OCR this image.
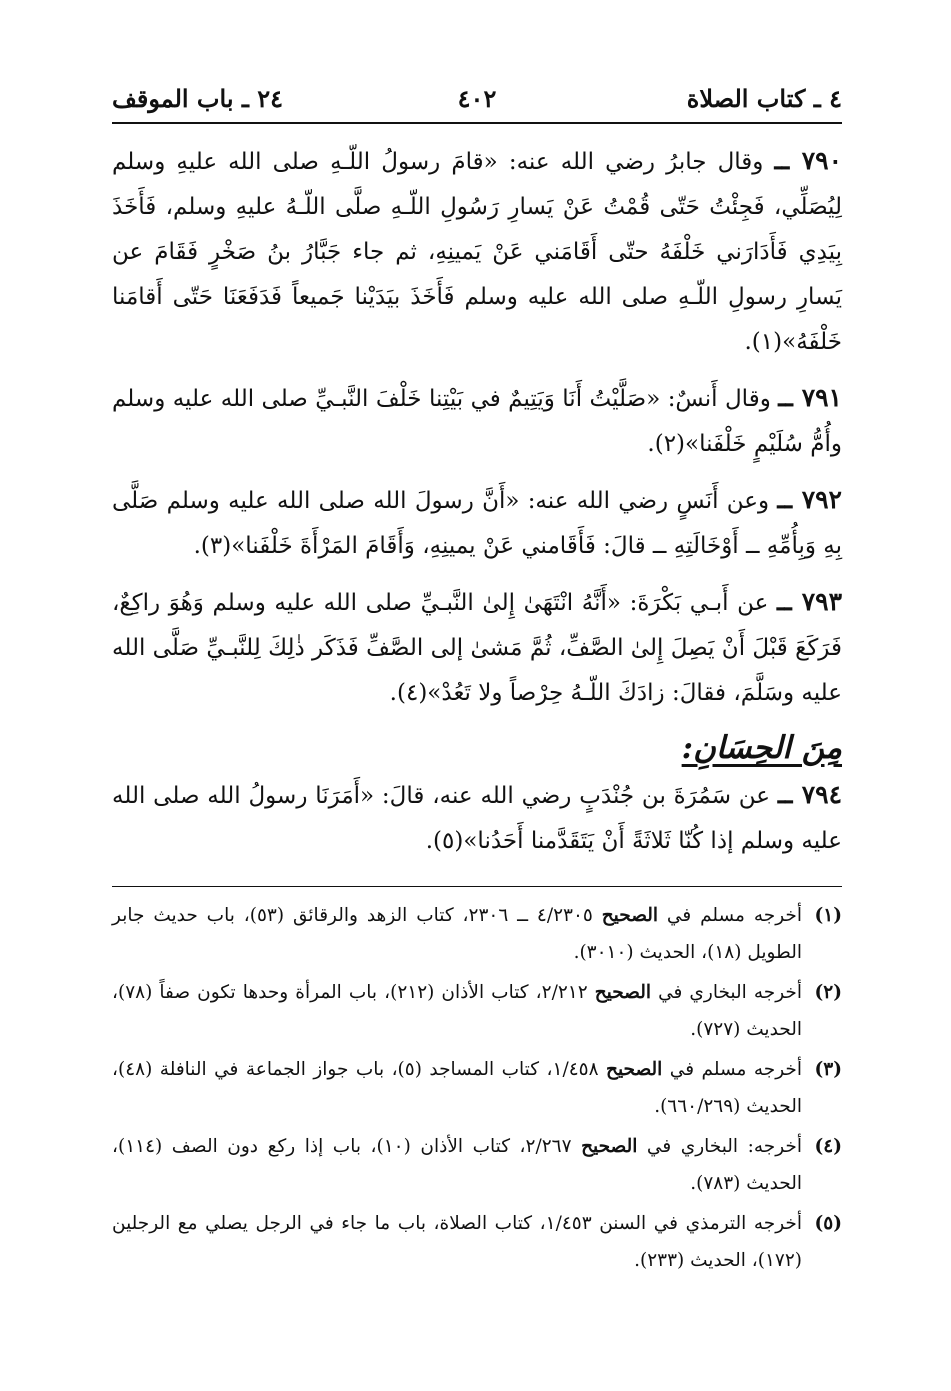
٤ ـ كتاب الصلاة
٤٠٢
٢٤ ـ باب الموقف

٧٩٠ ــ وقال جابرُ رضي الله عنه: «قامَ رسولُ اللّـهِ صلى الله عليهِ وسلم لِيُصَلِّي، فَجِئْتُ حَتّى قُمْتُ عَنْ يَسارِ رَسُولِ اللّـهِ صلَّى اللّـهُ عليهِ وسلم، فَأَخَذَ بِيَدِي فَأَدَارَني خَلْفَهُ حتّى أَقَامَني عَنْ يَمينِهِ، ثم جاء جَبَّارُ بنُ صَخْرٍ فَقَامَ عن يَسارِ رسولِ اللّـهِ صلى الله عليه وسلم فَأَخَذَ بيَدَيْنا جَميعاً فَدَفَعَنَا حَتّى أَقامَنا خَلْفَهُ»(١).

٧٩١ ــ وقال أَنسٌ: «صَلَّيْتُ أَنَا وَيَتِيمٌ في بَيْتِنا خَلْفَ النَّبـيِّ صلى الله عليه وسلم وأُمُّ سُلَيْمٍ خَلْفَنا»(٢).

٧٩٢ ــ وعن أَنَسٍ رضي الله عنه: «أَنَّ رسولَ الله صلى الله عليه وسلم صَلَّى بِهِ وَبِأُمِّهِ ــ أَوْخَالَتِهِ ــ قالَ: فَأَقَامني عَنْ يمينِهِ، وَأَقَامَ المَرْأَةَ خَلْفَنا»(٣).

٧٩٣ ــ عن أَبـي بَكْرَةَ: «أَنَّهُ انْتَهَىٰ إِلىٰ النَّبـيِّ صلى الله عليه وسلم وَهُوَ راكِعٌ، فَرَكَعَ قَبْلَ أَنْ يَصِلَ إِلىٰ الصَّفِّ، ثُمَّ مَشىٰ إلى الصَّفِّ فَذَكَر ذٰلِكَ لِلنَّبـيِّ صَلَّى الله عليه وسَلَّمَ، فقالَ: زادَكَ اللّـهُ حِرْصاً ولا تَعُدْ»(٤).

مِنَ الحِسَانِ:

٧٩٤ ــ عن سَمُرَةَ بن جُنْدَبٍ رضي الله عنه، قالَ: «أَمَرَنَا رسولُ الله صلى الله عليه وسلم إذا كُنّا ثَلاثَةً أَنْ يَتَقَدَّمنا أَحَدُنا»(٥).

(١)
أخرجه مسلم في الصحيح ٤/٢٣٠٥ ــ ٢٣٠٦، كتاب الزهد والرقائق (٥٣)، باب حديث جابر الطويل (١٨)، الحديث (٣٠١٠).

(٢)
أخرجه البخاري في الصحيح ٢/٢١٢، كتاب الأذان (٢١٢)، باب المرأة وحدها تكون صفاً (٧٨)، الحديث (٧٢٧).

(٣)
أخرجه مسلم في الصحيح ١/٤٥٨، كتاب المساجد (٥)، باب جواز الجماعة في النافلة (٤٨)، الحديث (٦٦٠/٢٦٩).

(٤)
أخرجه: البخاري في الصحيح ٢/٢٦٧، كتاب الأذان (١٠)، باب إذا ركع دون الصف (١١٤)، الحديث (٧٨٣).

(٥)
أخرجه الترمذي في السنن ١/٤٥٣، كتاب الصلاة، باب ما جاء في الرجل يصلي مع الرجلين (١٧٢)، الحديث (٢٣٣).
